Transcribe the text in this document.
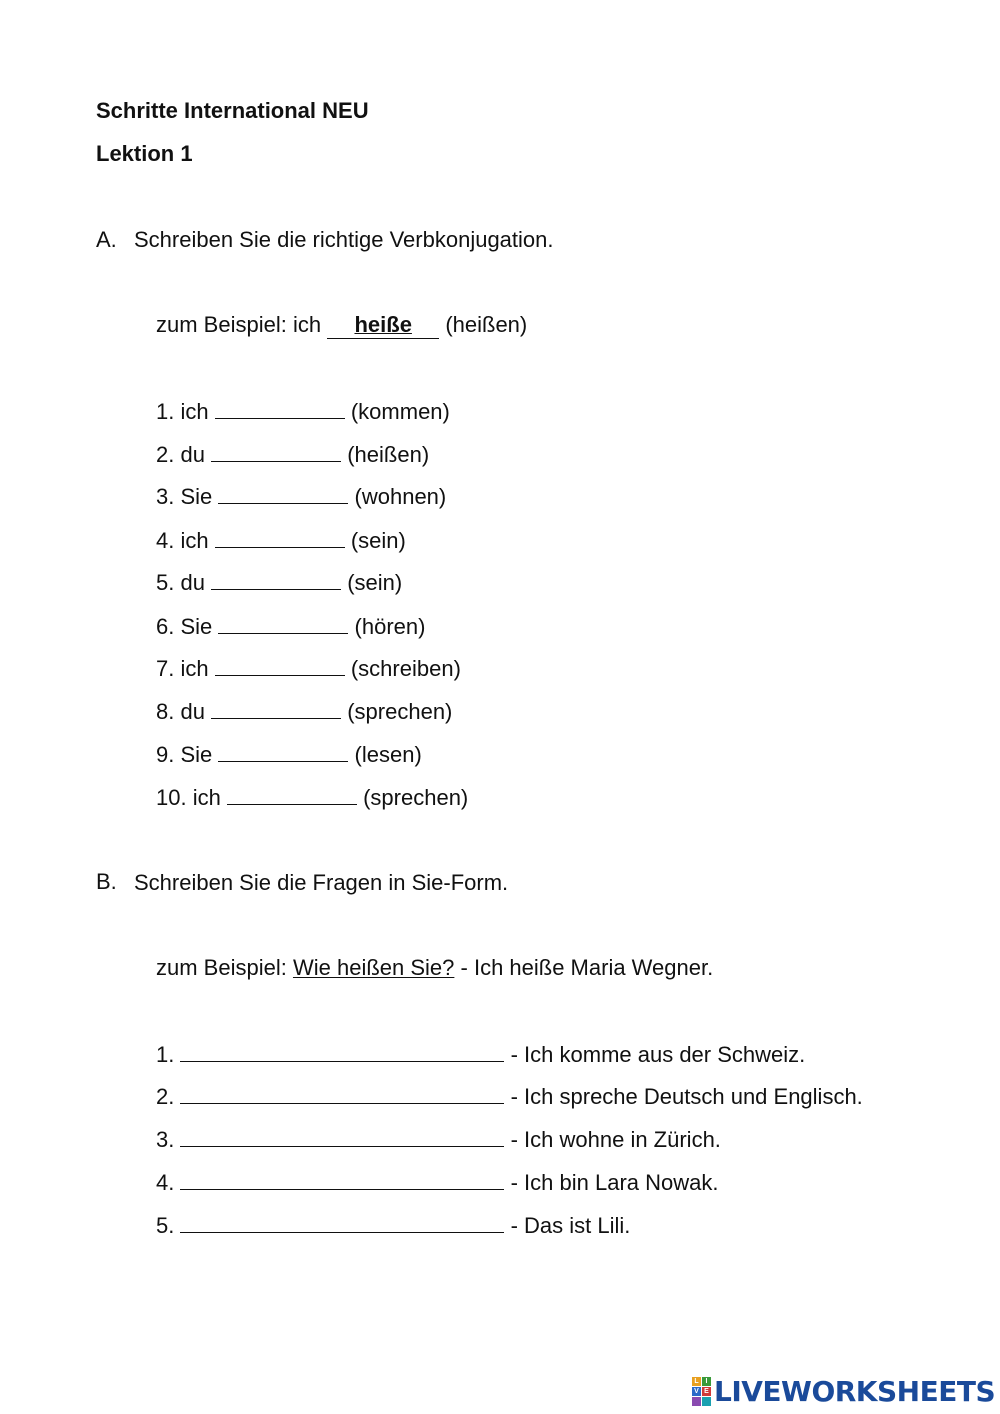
Schritte International NEU
Lektion 1
A. Schreiben Sie die richtige Verbkonjugation.
zum Beispiel: ich heiße (heißen)
1. ich	(kommen)
2. du	(heißen)
3. Sie	(wohnen)
4. ich	(sein)
5. du	(sein)
6. Sie	(hören)
7. ich	(schreiben)
8. du	(sprechen)
9. Sie	(lesen)
10. ich	(sprechen)
B. Schreiben Sie die Fragen in Sie-Form.
zum Beispiel: Wie heißen Sie? - Ich heiße Maria Wegner.
1.	- Ich komme aus der Schweiz.
2.	- Ich spreche Deutsch und Englisch.
3.	- Ich wohne in Zürich.
4.	- Ich bin Lara Nowak.
5.	- Das ist Lili.
L I
V E LIVEWORKSHEETS
